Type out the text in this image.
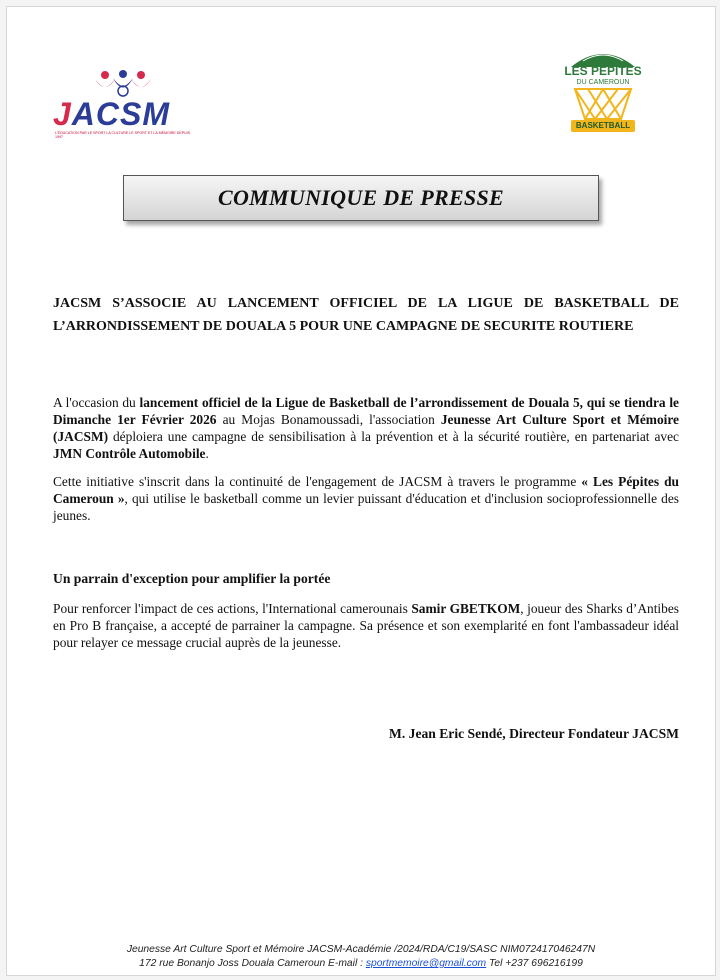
JACSM
L'ÉDUCATION PAR LE SPORT LA CULTURE LE SPORT ET LA MÉMOIRE DEPUIS 1997
LES PÉPITES
DU CAMEROUN
BASKETBALL
COMMUNIQUE DE PRESSE

JACSM S’ASSOCIE AU LANCEMENT OFFICIEL DE LA LIGUE DE BASKETBALL DE L’ARRONDISSEMENT DE DOUALA 5 POUR UNE CAMPAGNE DE SECURITE ROUTIERE

A l'occasion du lancement officiel de la Ligue de Basketball de l’arrondissement de Douala 5, qui se tiendra le Dimanche 1er Février 2026 au Mojas Bonamoussadi, l'association Jeunesse Art Culture Sport et Mémoire (JACSM) déploiera une campagne de sensibilisation à la prévention et à la sécurité routière, en partenariat avec JMN Contrôle Automobile.

Cette initiative s'inscrit dans la continuité de l'engagement de JACSM à travers le programme « Les Pépites du Cameroun », qui utilise le basketball comme un levier puissant d'éducation et d'inclusion socioprofessionnelle des jeunes.

Un parrain d'exception pour amplifier la portée

Pour renforcer l'impact de ces actions, l'International camerounais Samir GBETKOM, joueur des Sharks d’Antibes en Pro B française, a accepté de parrainer la campagne. Sa présence et son exemplarité en font l'ambassadeur idéal pour relayer ce message crucial auprès de la jeunesse.

M. Jean Eric Sendé, Directeur Fondateur JACSM

Jeunesse Art Culture Sport et Mémoire JACSM-Académie /2024/RDA/C19/SASC NIM072417046247N
172 rue Bonanjo Joss Douala Cameroun E-mail : sportmemoire@gmail.com Tel +237 696216199
